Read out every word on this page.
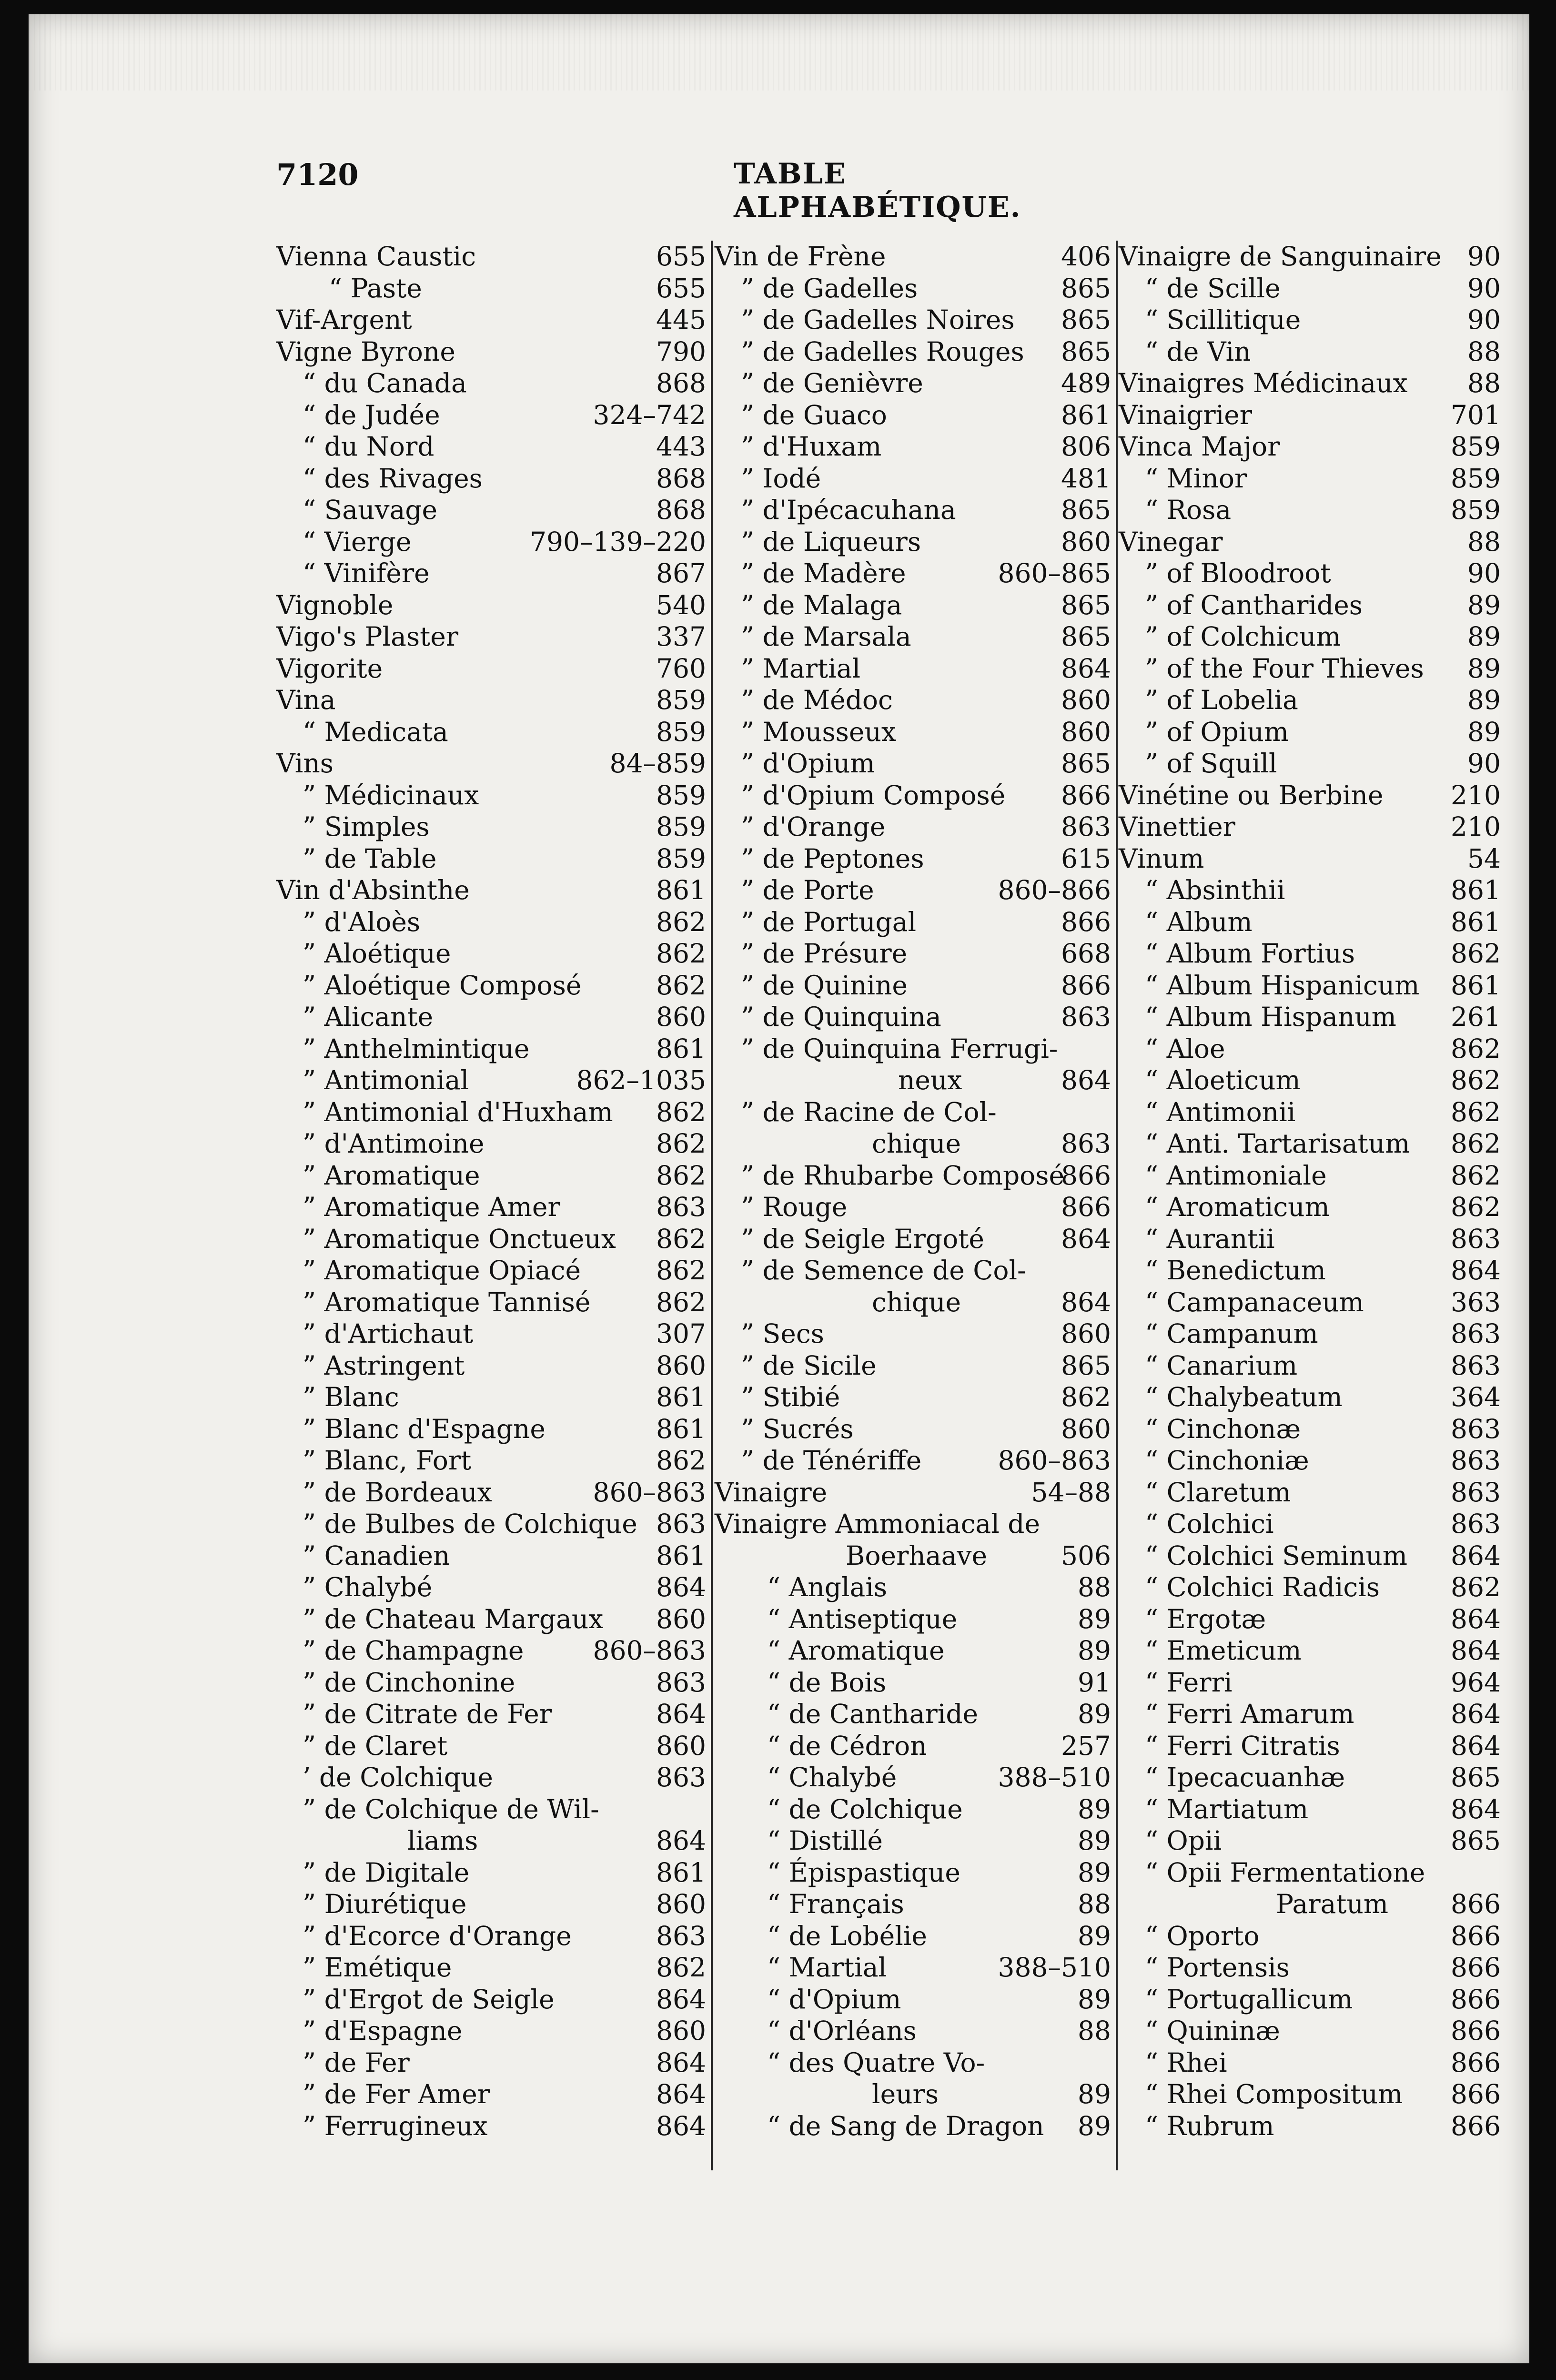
7120	TABLE ALPHABÉTIQUE.
Vienna Caustic	655
“ Paste	655
Vif-Argent	445
Vigne Byrone	790
“ du Canada	868
“ de Judée	324–742
“ du Nord	443
“ des Rivages	868
“ Sauvage	868
“ Vierge	790–139–220
“ Vinifère	867
Vignoble	540
Vigo's Plaster	337
Vigorite	760
Vina	859
“ Medicata	859
Vins	84–859
” Médicinaux	859
” Simples	859
” de Table	859
Vin d'Absinthe	861
” d'Aloès	862
” Aloétique	862
” Aloétique Composé	862
” Alicante	860
” Anthelmintique	861
” Antimonial	862–1035
” Antimonial d'Huxham 862
” d'Antimoine	862
” Aromatique	862
” Aromatique Amer	863
” Aromatique Onctueux 862
” Aromatique Opiacé	862
” Aromatique Tannisé	862
” d'Artichaut	307
” Astringent	860
” Blanc	861
” Blanc d'Espagne	861
” Blanc, Fort	862
” de Bordeaux	860–863
” de Bulbes de Colchique 863
” Canadien	861
” Chalybé	864
” de Chateau Margaux 860
” de Champagne	860–863
” de Cinchonine	863
” de Citrate de Fer	864
” de Claret	860
’ de Colchique	863
” de Colchique de Wil-
liams	864
” de Digitale	861
” Diurétique	860
” d'Ecorce d'Orange	863
” Emétique	862
” d'Ergot de Seigle	864
” d'Espagne	860
” de Fer	864
” de Fer Amer	864
” Ferrugineux	864
Vin de Frène	406
” de Gadelles	865
” de Gadelles Noires 865
” de Gadelles Rouges 865
” de Genièvre	489
” de Guaco	861
” d'Huxam	806
” Iodé	481
” d'Ipécacuhana	865
” de Liqueurs	860
” de Madère	860–865
” de Malaga	865
” de Marsala	865
” Martial	864
” de Médoc	860
” Mousseux	860
” d'Opium	865
” d'Opium Composé 866
” d'Orange	863
” de Peptones	615
” de Porte	860–866
” de Portugal	866
” de Présure	668
” de Quinine	866
” de Quinquina	863
” de Quinquina Ferrugi-
neux	864
” de Racine de Col-
chique	863
” de Rhubarbe Composé
866
” Rouge	866
” de Seigle Ergoté	864
” de Semence de Col-
chique	864
” Secs	860
” de Sicile	865
” Stibié	862
” Sucrés	860
” de Ténériffe	860–863
Vinaigre	54–88
Vinaigre Ammoniacal de
Boerhaave	506
“ Anglais	88
“ Antiseptique	89
“ Aromatique	89
“ de Bois	91
“ de Cantharide	89
“ de Cédron	257
“ Chalybé	388–510
“ de Colchique	89
“ Distillé	89
“ Épispastique	89
“ Français	88
“ de Lobélie	89
“ Martial	388–510
“ d'Opium	89
“ d'Orléans	88
“ des Quatre Vo-
leurs	89
“ de Sang de Dragon 89
Vinaigre de Sanguinaire 90
“ de Scille	90
“ Scillitique	90
“ de Vin	88
Vinaigres Médicinaux 88
Vinaigrier	701
Vinca Major	859
“ Minor	859
“ Rosa	859
Vinegar	88
” of Bloodroot	90
” of Cantharides	89
” of Colchicum	89
” of the Four Thieves 89
” of Lobelia	89
” of Opium	89
” of Squill	90
Vinétine ou Berbine	210
Vinettier	210
Vinum	54
“ Absinthii	861
“ Album	861
“ Album Fortius	862
“ Album Hispanicum 861
“ Album Hispanum 261
“ Aloe	862
“ Aloeticum	862
“ Antimonii	862
“ Anti. Tartarisatum 862
“ Antimoniale	862
“ Aromaticum	862
“ Aurantii	863
“ Benedictum	864
“ Campanaceum	363
“ Campanum	863
“ Canarium	863
“ Chalybeatum	364
“ Cinchonæ	863
“ Cinchoniæ	863
“ Claretum	863
“ Colchici	863
“ Colchici Seminum 864
“ Colchici Radicis	862
“ Ergotæ	864
“ Emeticum	864
“ Ferri	964
“ Ferri Amarum	864
“ Ferri Citratis	864
“ Ipecacuanhæ	865
“ Martiatum	864
“ Opii	865
“ Opii Fermentatione
Paratum 866
“ Oporto	866
“ Portensis	866
“ Portugallicum	866
“ Quininæ	866
“ Rhei	866
“ Rhei Compositum 866
“ Rubrum	866
